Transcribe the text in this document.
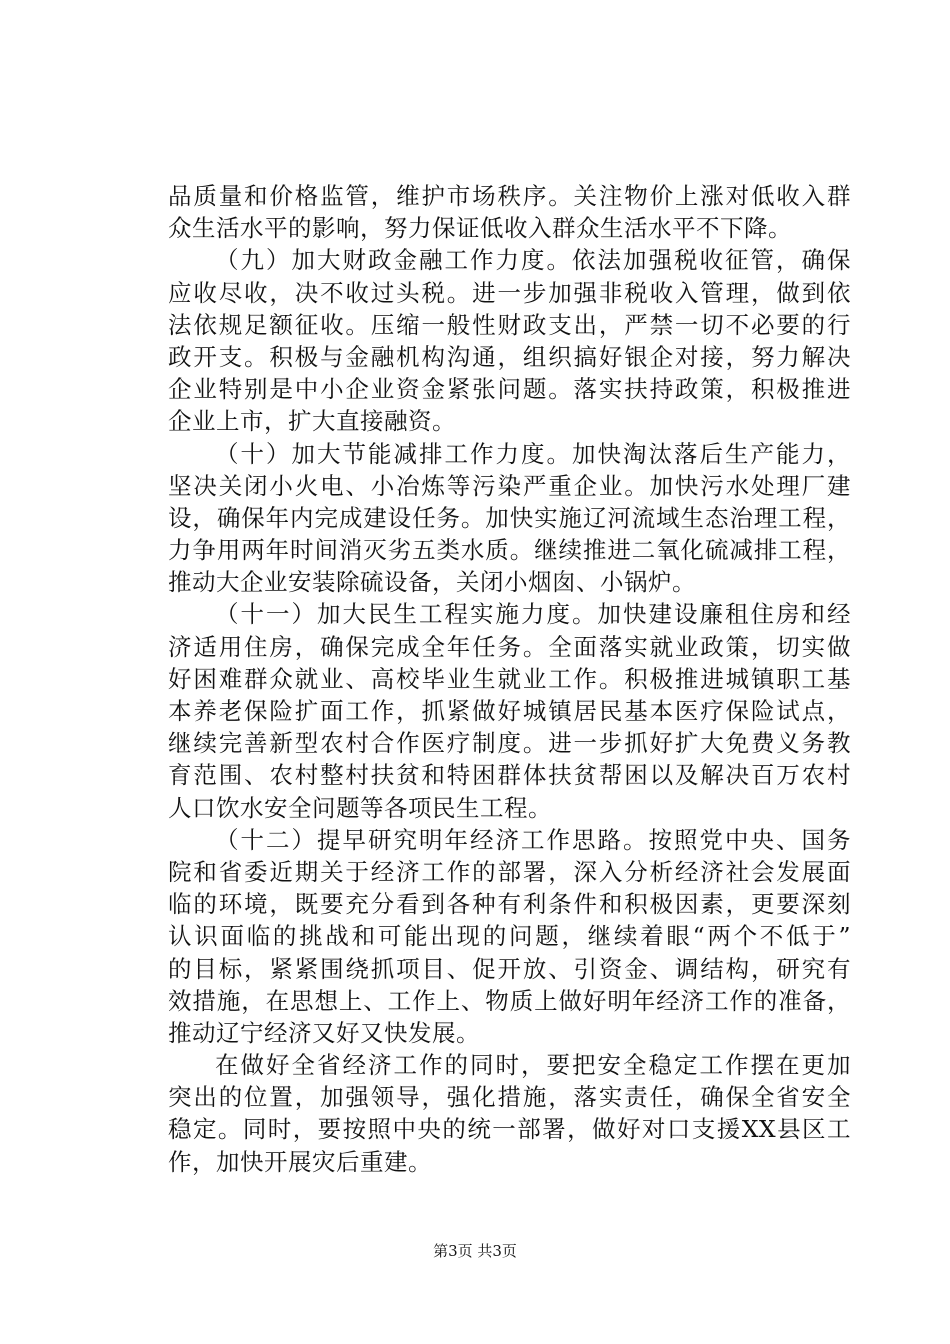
品质量和价格监管，维护市场秩序。关注物价上涨对低收入群
众生活水平的影响，努力保证低收入群众生活水平不下降。
（九）加大财政金融工作力度。依法加强税收征管，确保
应收尽收，决不收过头税。进一步加强非税收入管理，做到依
法依规足额征收。压缩一般性财政支出，严禁一切不必要的行
政开支。积极与金融机构沟通，组织搞好银企对接，努力解决
企业特别是中小企业资金紧张问题。落实扶持政策，积极推进
企业上市，扩大直接融资。
（十）加大节能减排工作力度。加快淘汰落后生产能力，
坚决关闭小火电、小冶炼等污染严重企业。加快污水处理厂建
设，确保年内完成建设任务。加快实施辽河流域生态治理工程，
力争用两年时间消灭劣五类水质。继续推进二氧化硫减排工程，
推动大企业安装除硫设备，关闭小烟囱、小锅炉。
（十一）加大民生工程实施力度。加快建设廉租住房和经
济适用住房，确保完成全年任务。全面落实就业政策，切实做
好困难群众就业、高校毕业生就业工作。积极推进城镇职工基
本养老保险扩面工作，抓紧做好城镇居民基本医疗保险试点，
继续完善新型农村合作医疗制度。进一步抓好扩大免费义务教
育范围、农村整村扶贫和特困群体扶贫帮困以及解决百万农村
人口饮水安全问题等各项民生工程。
（十二）提早研究明年经济工作思路。按照党中央、国务
院和省委近期关于经济工作的部署，深入分析经济社会发展面
临的环境，既要充分看到各种有利条件和积极因素，更要深刻
认识面临的挑战和可能出现的问题，继续着眼“两个不低于”
的目标，紧紧围绕抓项目、促开放、引资金、调结构，研究有
效措施，在思想上、工作上、物质上做好明年经济工作的准备，
推动辽宁经济又好又快发展。
在做好全省经济工作的同时，要把安全稳定工作摆在更加
突出的位置，加强领导，强化措施，落实责任，确保全省安全
稳定。同时，要按照中央的统一部署，做好对口支援XX县区工
作，加快开展灾后重建。
第3页 共3页
